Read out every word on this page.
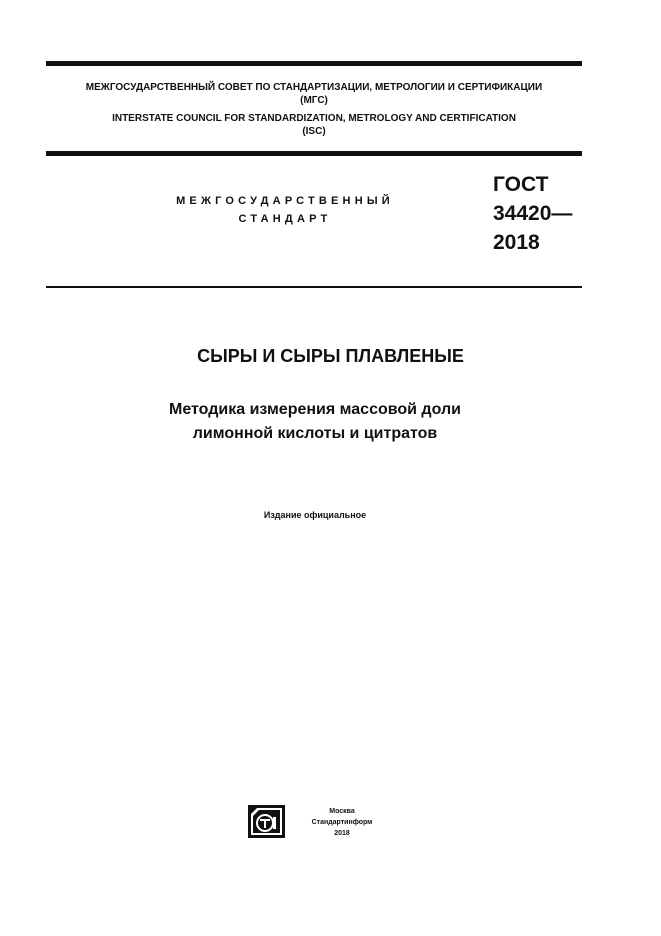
МЕЖГОСУДАРСТВЕННЫЙ СОВЕТ ПО СТАНДАРТИЗАЦИИ, МЕТРОЛОГИИ И СЕРТИФИКАЦИИ
(МГС)
INTERSTATE COUNCIL FOR STANDARDIZATION, METROLOGY AND CERTIFICATION
(ISC)
МЕЖГОСУДАРСТВЕННЫЙ
СТАНДАРТ
ГОСТ
34420—
2018
СЫРЫ И СЫРЫ ПЛАВЛЕНЫЕ
Методика измерения массовой доли
лимонной кислоты и цитратов
Издание официальное
Москва
Стандартинформ
2018
